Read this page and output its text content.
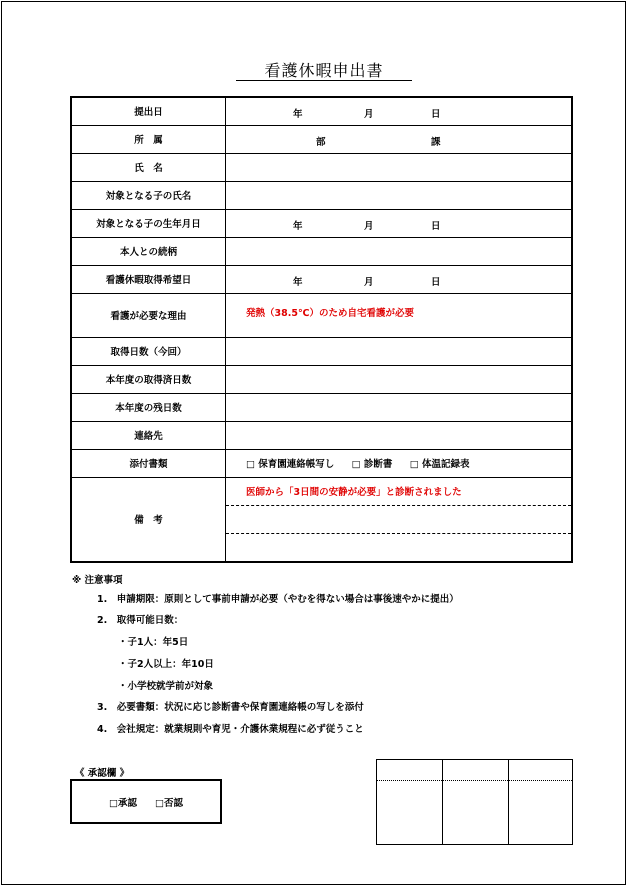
看護休暇申出書
提出日	年 月 日

所　属	部 課

氏　名	
対象となる子の氏名	
対象となる子の生年月日	年 月 日

本人との続柄	
看護休暇取得希望日	年 月 日

看護が必要な理由	発熱（38.5℃）のため自宅看護が必要
取得日数（今回）	
本年度の取得済日数	
本年度の残日数	
連絡先	
添付書類	□ 保育園連絡帳写し □ 診断書 □ 体温記録表
備　考	医師から「3日間の安静が必要」と診断されました
※ 注意事項
1.　申請期限：原則として事前申請が必要（やむを得ない場合は事後速やかに提出）
2.　取得可能日数：
・子1人：年5日
・子2人以上：年10日
・小学校就学前が対象
3.　必要書類：状況に応じ診断書や保育園連絡帳の写しを添付
4.　会社規定：就業規則や育児・介護休業規程に必ず従うこと
《 承認欄 》
□承認 □否認
